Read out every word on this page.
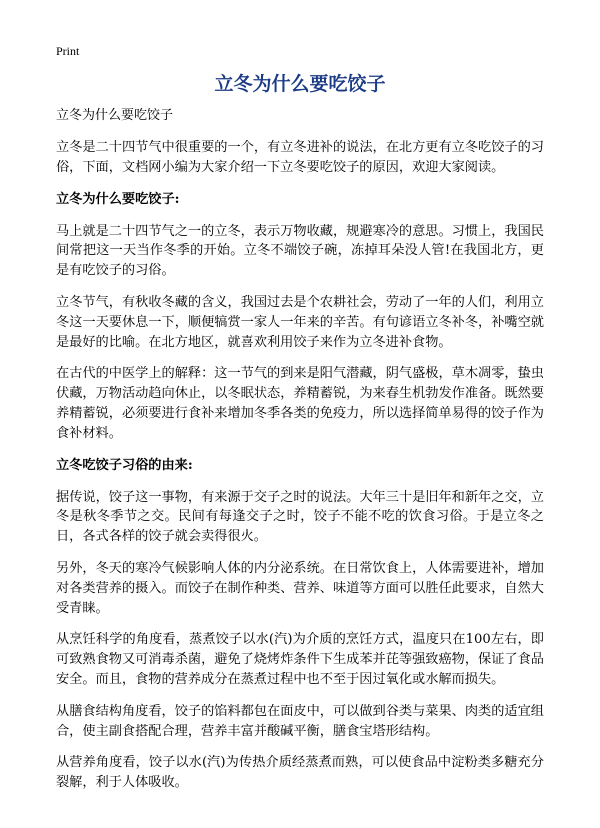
Print
立冬为什么要吃饺子
立冬为什么要吃饺子

立冬是二十四节气中很重要的一个，有立冬进补的说法，在北方更有立冬吃饺子的习俗，下面，文档网小编为大家介绍一下立冬要吃饺子的原因，欢迎大家阅读。

立冬为什么要吃饺子:

马上就是二十四节气之一的立冬，表示万物收藏，规避寒冷的意思。习惯上，我国民间常把这一天当作冬季的开始。立冬不端饺子碗，冻掉耳朵没人管!在我国北方，更是有吃饺子的习俗。

立冬节气，有秋收冬藏的含义，我国过去是个农耕社会，劳动了一年的人们，利用立冬这一天要休息一下，顺便犒赏一家人一年来的辛苦。有句谚语立冬补冬，补嘴空就是最好的比喻。在北方地区，就喜欢利用饺子来作为立冬进补食物。

在古代的中医学上的解释：这一节气的到来是阳气潜藏，阴气盛极，草木凋零，蛰虫伏藏，万物活动趋向休止，以冬眠状态，养精蓄锐，为来春生机勃发作准备。既然要养精蓄锐，必须要进行食补来增加冬季各类的免疫力，所以选择简单易得的饺子作为食补材料。

立冬吃饺子习俗的由来:

据传说，饺子这一事物，有来源于交子之时的说法。大年三十是旧年和新年之交，立冬是秋冬季节之交。民间有每逢交子之时，饺子不能不吃的饮食习俗。于是立冬之日，各式各样的饺子就会卖得很火。

另外，冬天的寒冷气候影响人体的内分泌系统。在日常饮食上，人体需要进补，增加对各类营养的摄入。而饺子在制作种类、营养、味道等方面可以胜任此要求，自然大受青睐。

从烹饪科学的角度看，蒸煮饺子以水(汽)为介质的烹饪方式，温度只在100左右，即可致熟食物又可消毒杀菌，避免了烧烤炸条件下生成苯并芘等强致癌物，保证了食品安全。而且，食物的营养成分在蒸煮过程中也不至于因过氧化或水解而损失。

从膳食结构角度看，饺子的馅料都包在面皮中，可以做到谷类与菜果、肉类的适宜组合，使主副食搭配合理，营养丰富并酸碱平衡，膳食宝塔形结构。

从营养角度看，饺子以水(汽)为传热介质经蒸煮而熟，可以使食品中淀粉类多糖充分裂解，利于人体吸收。
